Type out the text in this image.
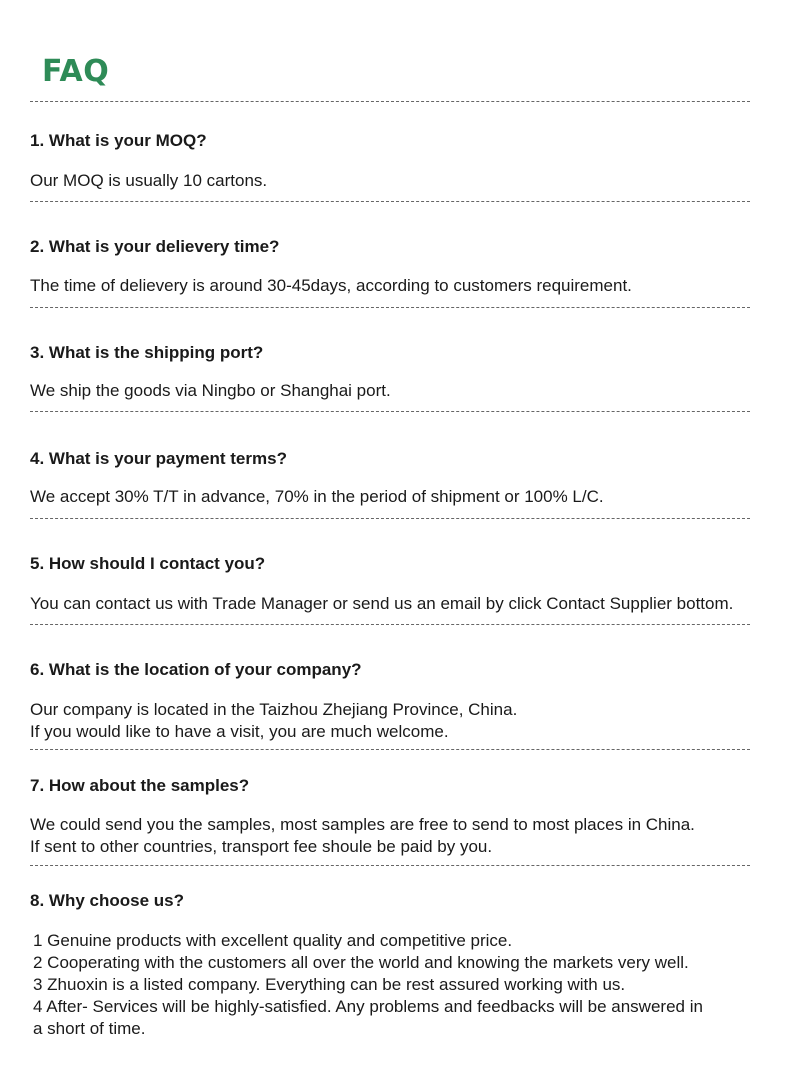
FAQ
1. What is your MOQ?
Our MOQ is usually 10 cartons.
2. What is your delievery time?
The time of delievery is around 30-45days, according to customers requirement.
3. What is the shipping port?
We ship the goods via Ningbo or Shanghai port.
4. What is your payment terms?
We accept 30% T/T in advance, 70% in the period of shipment or 100% L/C.
5. How should I contact you?
You can contact us with Trade Manager or send us an email by click Contact Supplier bottom.
6. What is the location of your company?
Our company is located in the Taizhou Zhejiang Province, China.
If you would like to have a visit, you are much welcome.
7. How about the samples?
We could send you the samples, most samples are free to send to most places in China.
If sent to other countries, transport fee shoule be paid by you.
8. Why choose us?
1 Genuine products with excellent quality and competitive price.
2 Cooperating with the customers all over the world and knowing the markets very well.
3 Zhuoxin is a listed company. Everything can be rest assured working with us.
4 After- Services will be highly-satisfied. Any problems and feedbacks will be answered in
a short of time.
